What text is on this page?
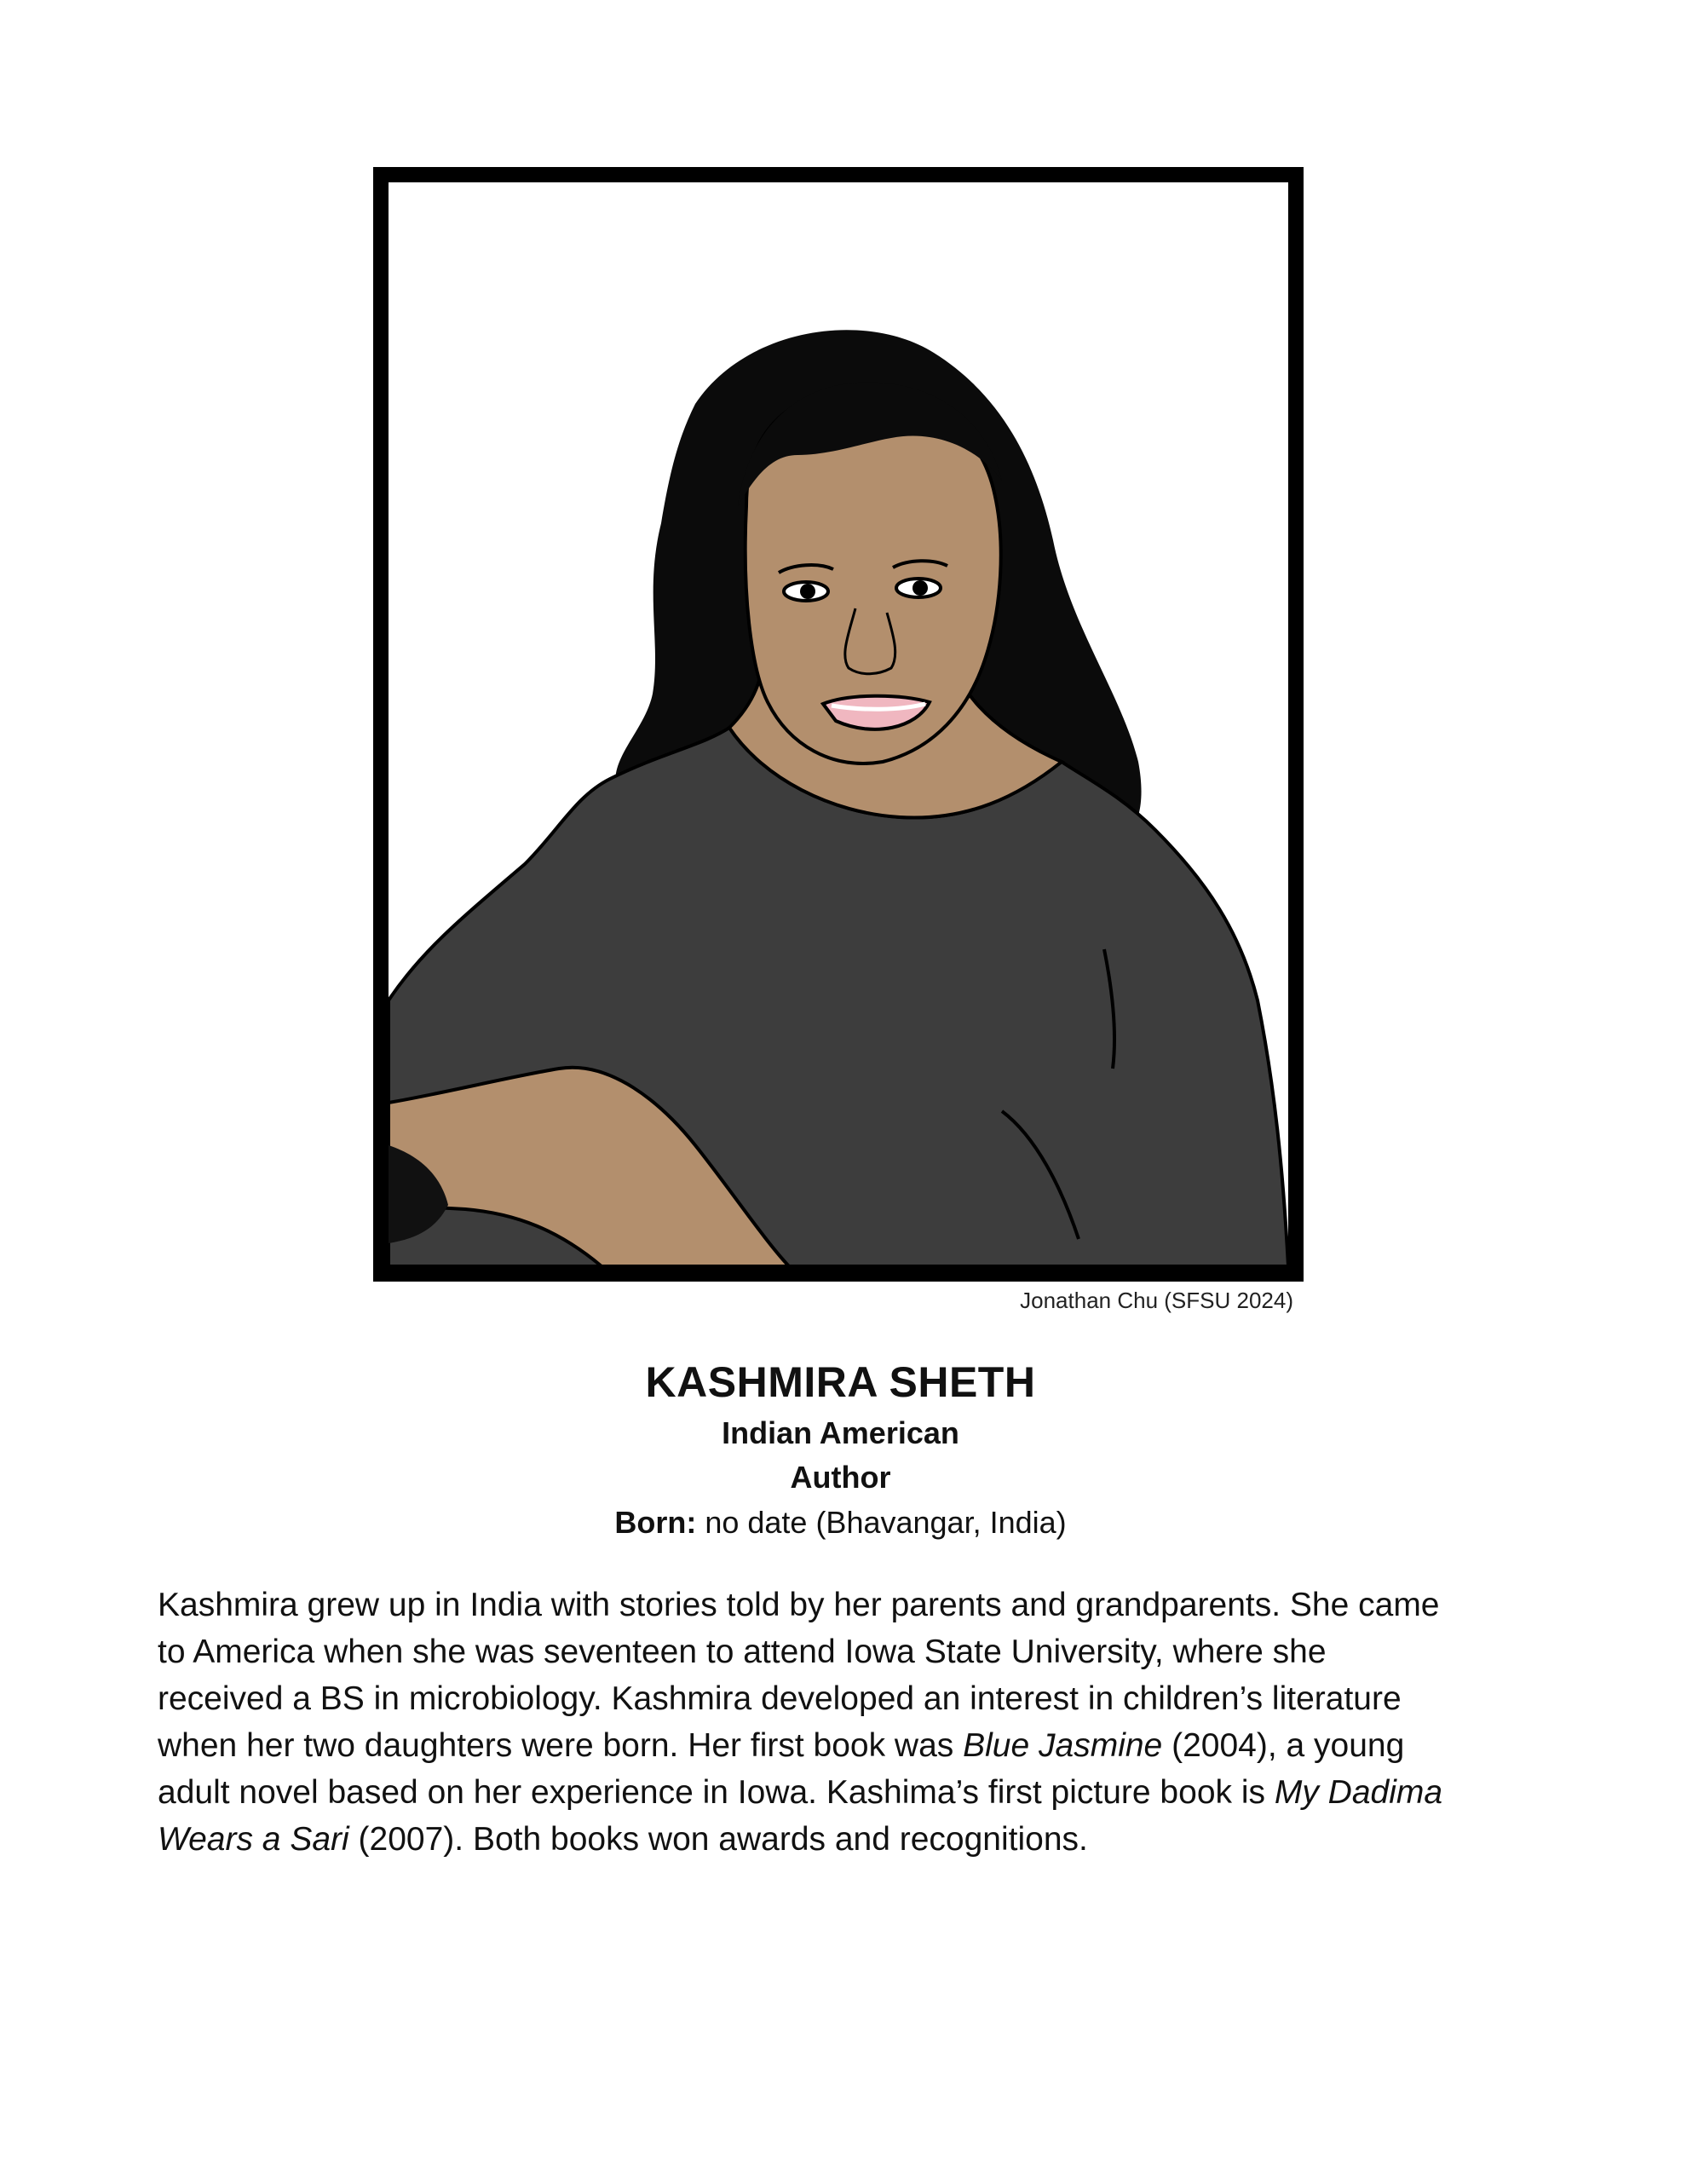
Jonathan Chu (SFSU 2024)
KASHMIRA SHETH
Indian American
Author
Born: no date (Bhavangar, India)

Kashmira grew up in India with stories told by her parents and grandparents. She came
to America when she was seventeen to attend Iowa State University, where she
received a BS in microbiology. Kashmira developed an interest in children’s literature
when her two daughters were born. Her first book was Blue Jasmine (2004), a young
adult novel based on her experience in Iowa. Kashima’s first picture book is My Dadima
Wears a Sari (2007). Both books won awards and recognitions.
